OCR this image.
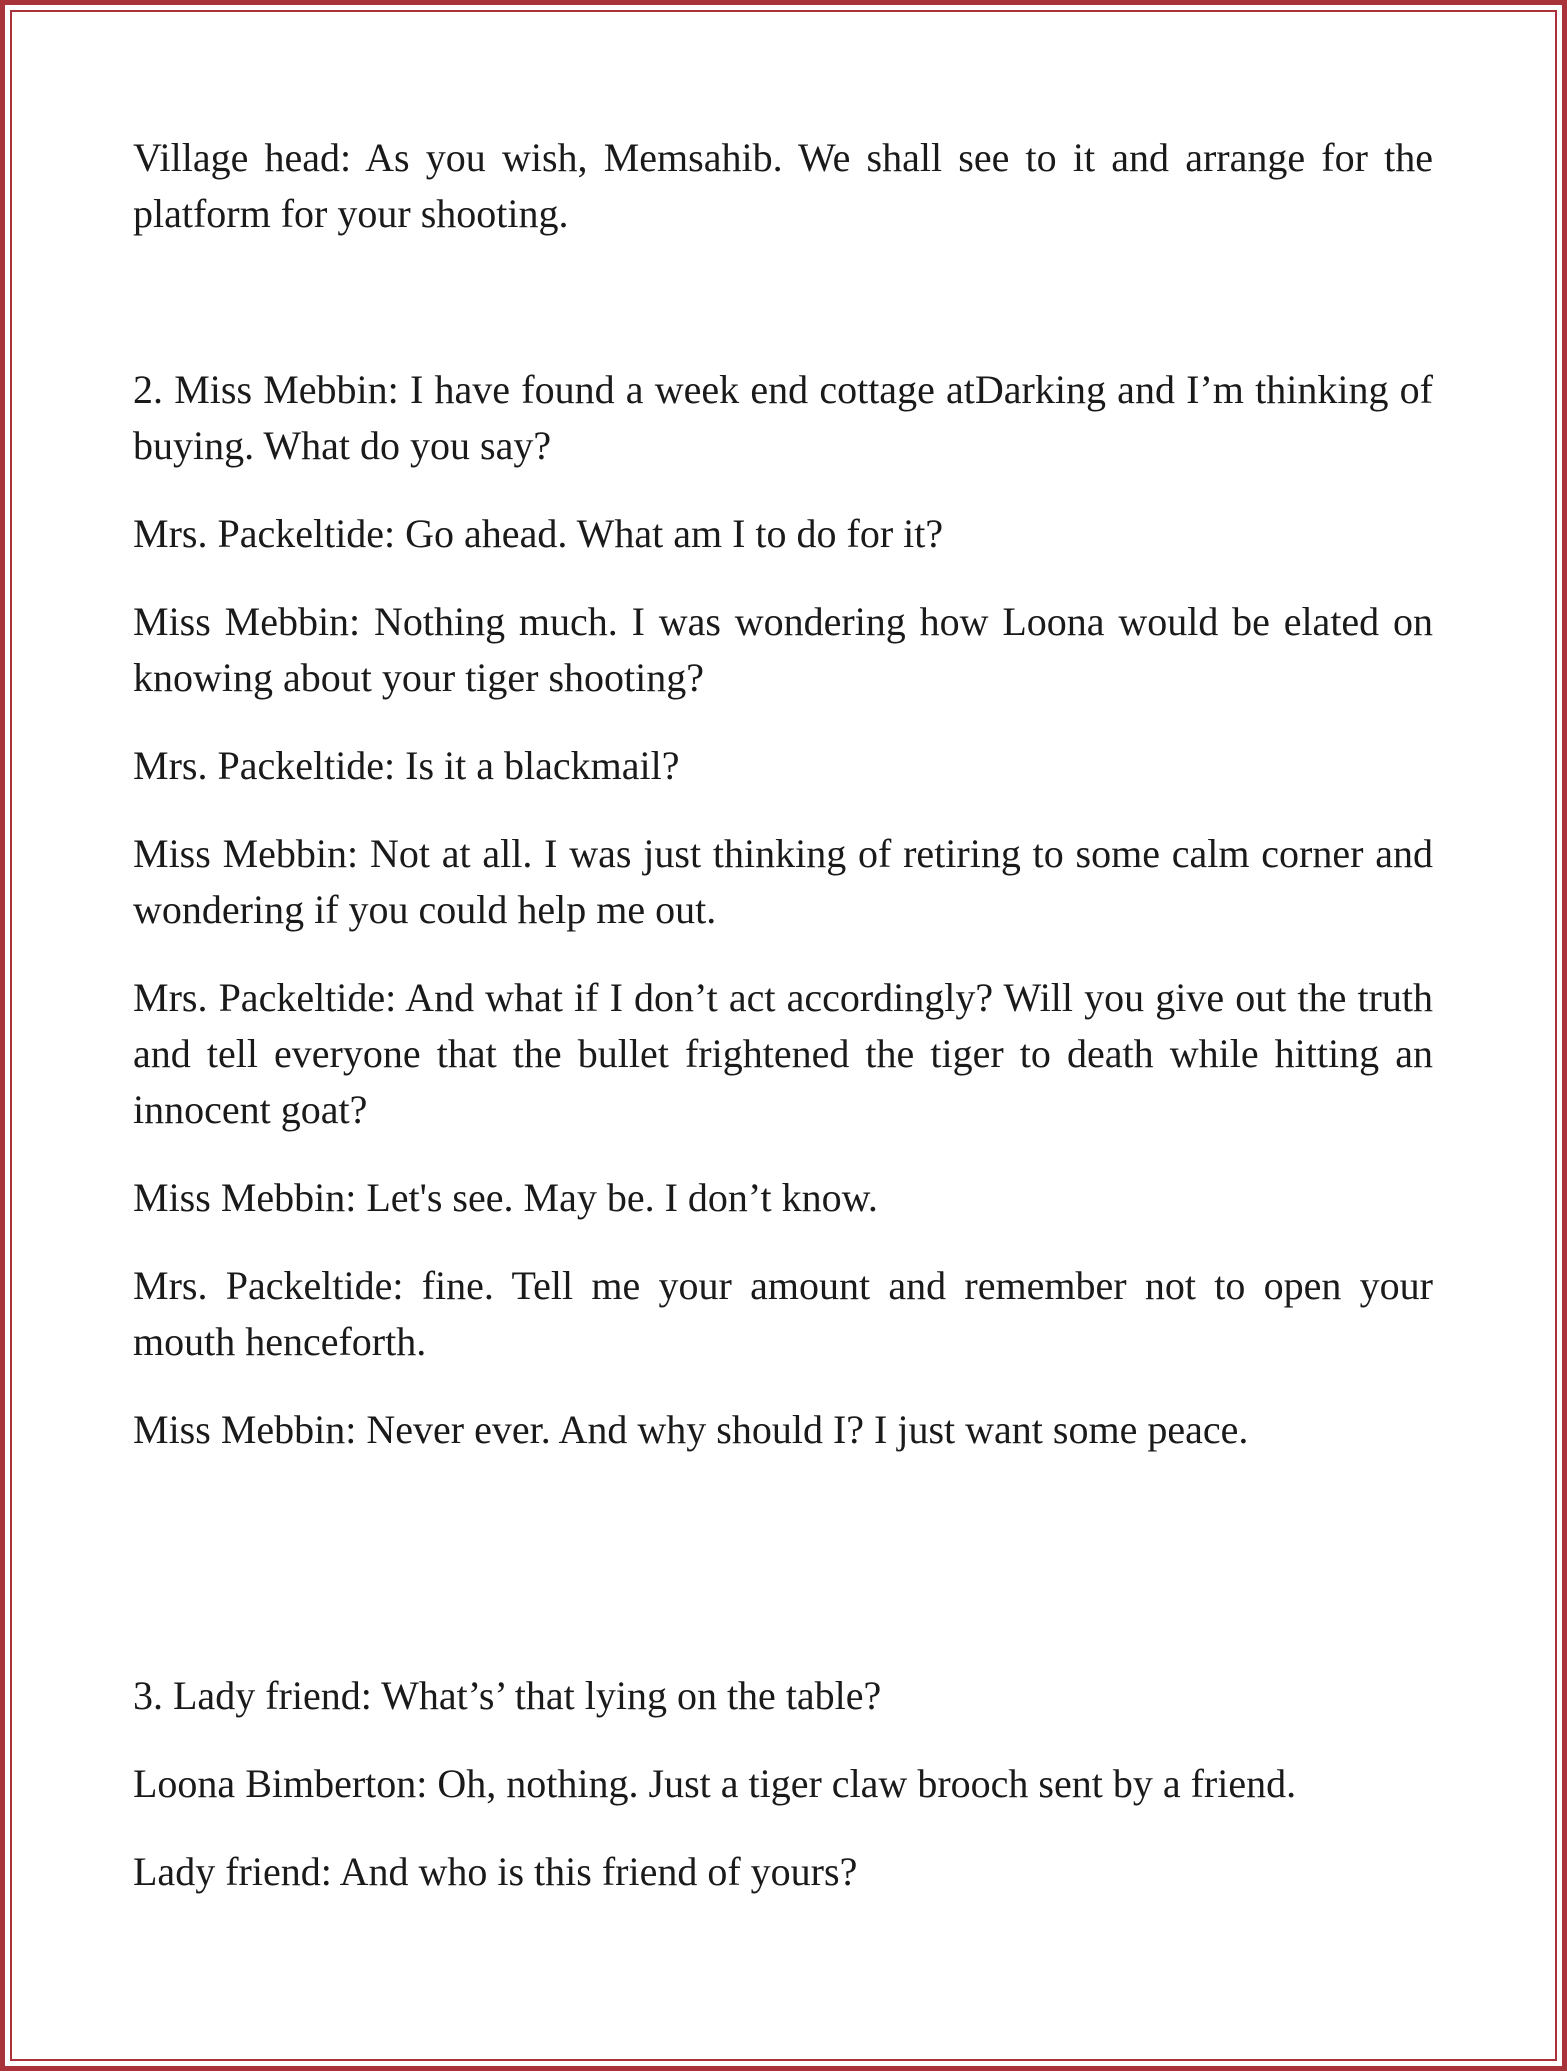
Village head: As you wish, Memsahib. We shall see to it and arrange for the platform for your shooting.

2. Miss Mebbin: I have found a week end cottage atDarking and I’m thinking of buying. What do you say?

Mrs. Packeltide: Go ahead. What am I to do for it?

Miss Mebbin: Nothing much. I was wondering how Loona would be elated on knowing about your tiger shooting?

Mrs. Packeltide: Is it a blackmail?

Miss Mebbin: Not at all. I was just thinking of retiring to some calm corner and wondering if you could help me out.

Mrs. Packeltide: And what if I don’t act accordingly? Will you give out the truth and tell everyone that the bullet frightened the tiger to death while hitting an innocent goat?

Miss Mebbin: Let's see. May be. I don’t know.

Mrs. Packeltide: fine. Tell me your amount and remember not to open your mouth henceforth.

Miss Mebbin: Never ever. And why should I? I just want some peace.

3. Lady friend: What’s’ that lying on the table?

Loona Bimberton: Oh, nothing. Just a tiger claw brooch sent by a friend.

Lady friend: And who is this friend of yours?
